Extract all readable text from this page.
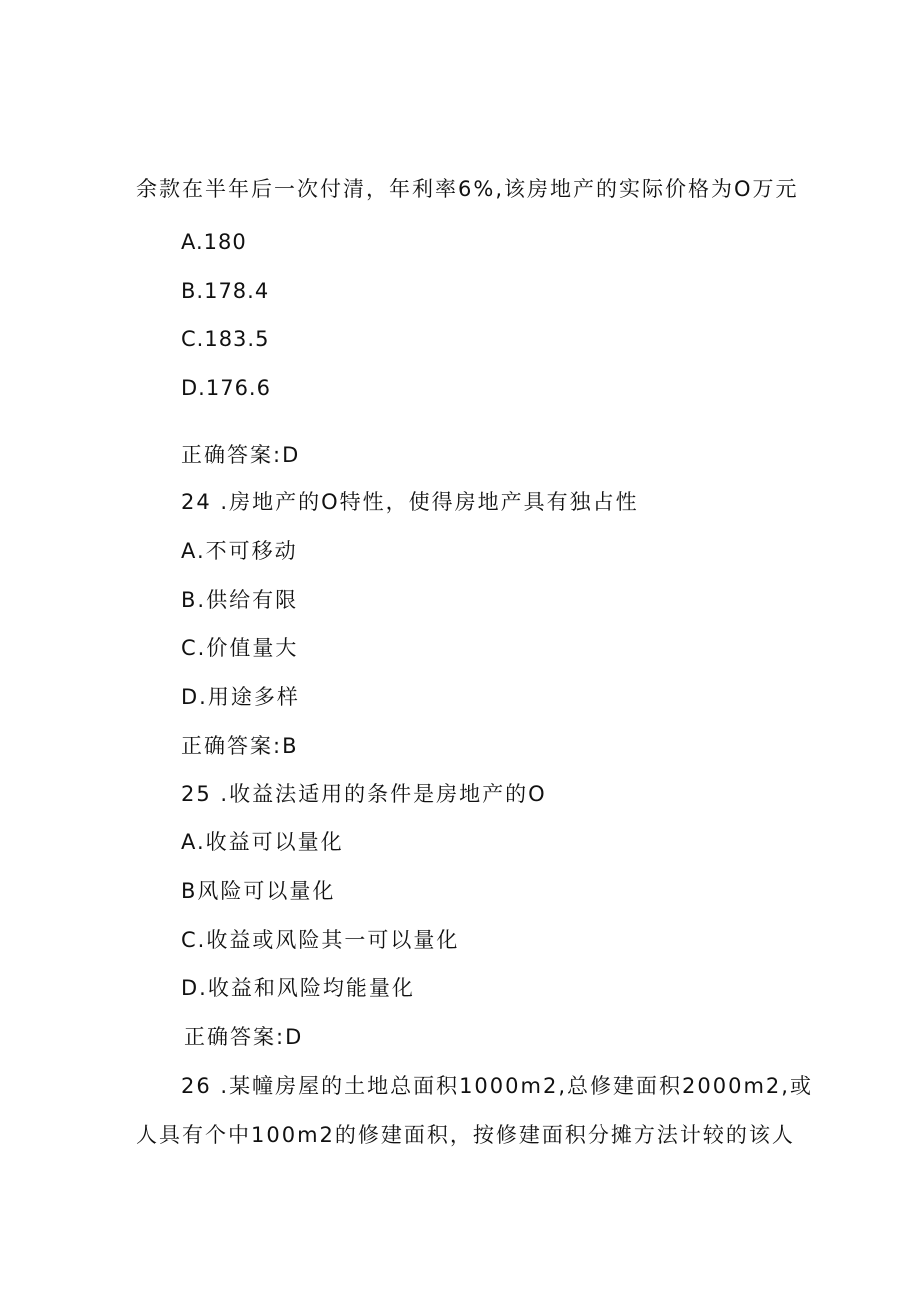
余款在半年后一次付清，年利率6%,该房地产的实际价格为O万元
A.180
B.178.4
C.183.5
D.176.6
正确答案:D
24 .房地产的O特性，使得房地产具有独占性
A.不可移动
B.供给有限
C.价值量大
D.用途多样
正确答案:B
25 .收益法适用的条件是房地产的O
A.收益可以量化
B风险可以量化
C.收益或风险其一可以量化
D.收益和风险均能量化
正确答案:D
26 .某幢房屋的土地总面积1000m2,总修建面积2000m2,或
人具有个中100m2的修建面积，按修建面积分摊方法计较的该人
